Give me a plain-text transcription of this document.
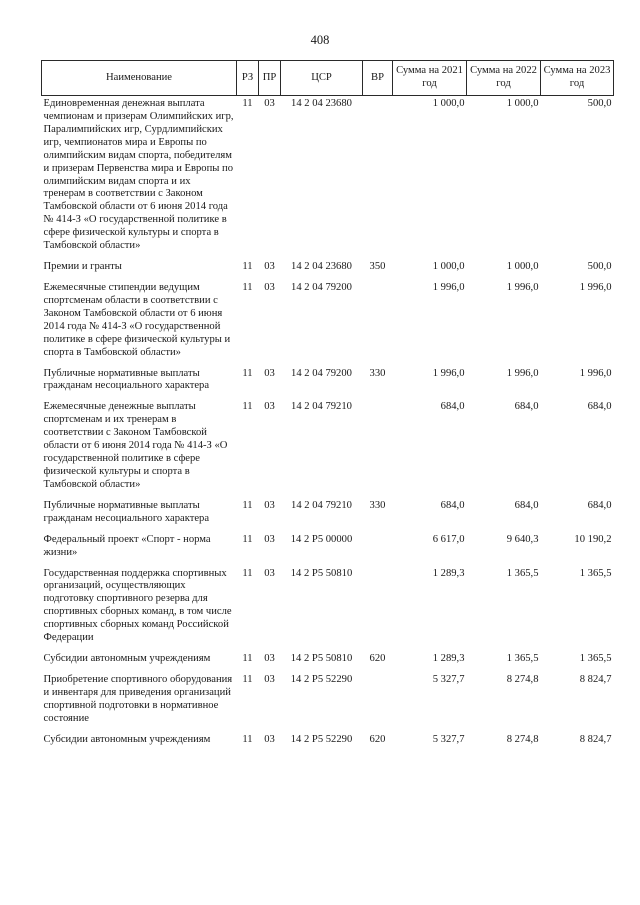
408
Наименование	РЗ	ПР	ЦСР	ВР	Сумма на 2021 год	Сумма на 2022 год	Сумма на 2023 год
Единовременная денежная выплата чемпионам и призерам Олимпийских игр, Паралимпийских игр, Сурдлимпийских игр, чемпионатов мира и Европы по олимпийским видам спорта, победителям и призерам Первенства мира и Европы по олимпийским видам спорта и их тренерам в соответствии с Законом Тамбовской области от 6 июня 2014 года № 414-З «О государственной политике в сфере физической культуры и спорта в Тамбовской области»	11	03	14 2 04 23680		1 000,0	1 000,0	500,0
Премии и гранты	11	03	14 2 04 23680	350	1 000,0	1 000,0	500,0
Ежемесячные стипендии ведущим спортсменам области в соответствии с Законом Тамбовской области от 6 июня 2014 года № 414-З «О государственной политике в сфере физической культуры и спорта в Тамбовской области»	11	03	14 2 04 79200		1 996,0	1 996,0	1 996,0
Публичные нормативные выплаты гражданам несоциального характера	11	03	14 2 04 79200	330	1 996,0	1 996,0	1 996,0
Ежемесячные денежные выплаты спортсменам и их тренерам в соответствии с Законом Тамбовской области от 6 июня 2014 года № 414-З «О государственной политике в сфере физической культуры и спорта в Тамбовской области»	11	03	14 2 04 79210		684,0	684,0	684,0
Публичные нормативные выплаты гражданам несоциального характера	11	03	14 2 04 79210	330	684,0	684,0	684,0
Федеральный проект «Спорт - норма жизни»	11	03	14 2 P5 00000		6 617,0	9 640,3	10 190,2
Государственная поддержка спортивных организаций, осуществляющих подготовку спортивного резерва для спортивных сборных команд, в том числе спортивных сборных команд Российской Федерации	11	03	14 2 P5 50810		1 289,3	1 365,5	1 365,5
Субсидии автономным учреждениям	11	03	14 2 P5 50810	620	1 289,3	1 365,5	1 365,5
Приобретение спортивного оборудования и инвентаря для приведения организаций спортивной подготовки в нормативное состояние	11	03	14 2 P5 52290		5 327,7	8 274,8	8 824,7
Субсидии автономным учреждениям	11	03	14 2 P5 52290	620	5 327,7	8 274,8	8 824,7
